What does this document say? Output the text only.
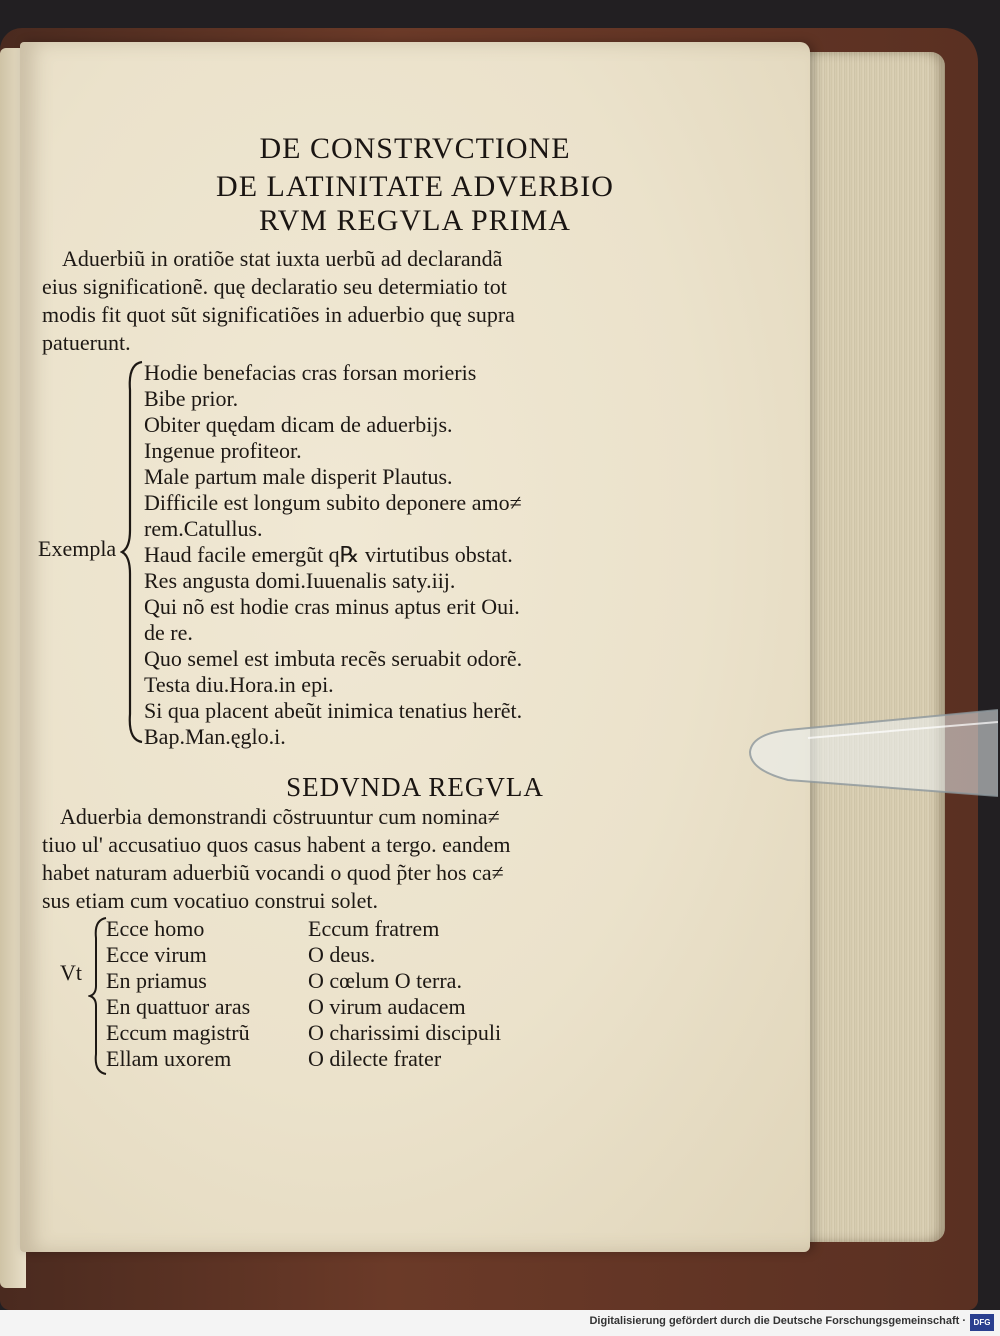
DE CONSTRVCTIONE
DE LATINITATE ADVERBIO
RVM REGVLA PRIMA
Aduerbiũ in oratiõe stat iuxta uerbũ ad declarandã
eius significationẽ. quę declaratio seu determiatio tot
modis fit quot sũt significatiões in aduerbio quę supra
patuerunt.
Exempla
Hodie benefacias cras forsan morieris
Bibe prior.
Obiter quędam dicam de aduerbijs.
Ingenue profiteor.
Male partum male disperit Plautus.
Difficile est longum subito deponere amo≠
rem.Catullus.
Haud facile emergũt q℞ virtutibus obstat.
Res angusta domi.Iuuenalis saty.iij.
Qui nõ est hodie cras minus aptus erit Oui.
de re.
Quo semel est imbuta recẽs seruabit odorẽ.
Testa diu.Hora.in epi.
Si qua placent abeũt inimica tenatius herẽt.
Bap.Man.ęglo.i.
SEDVNDA REGVLA
Aduerbia demonstrandi cõstruuntur cum nomina≠
tiuo ul' accusatiuo quos casus habent a tergo. eandem
habet naturam aduerbiũ vocandi o quod p̃ter hos ca≠
sus etiam cum vocatiuo construi solet.
Vt
Ecce homo
Ecce virum
En priamus
En quattuor aras
Eccum magistrũ
Ellam uxorem
Eccum fratrem
O deus.
O cœlum O terra.
O virum audacem
O charissimi discipuli
O dilecte frater
Digitalisierung gefördert durch die Deutsche Forschungsgemeinschaft · DFG
